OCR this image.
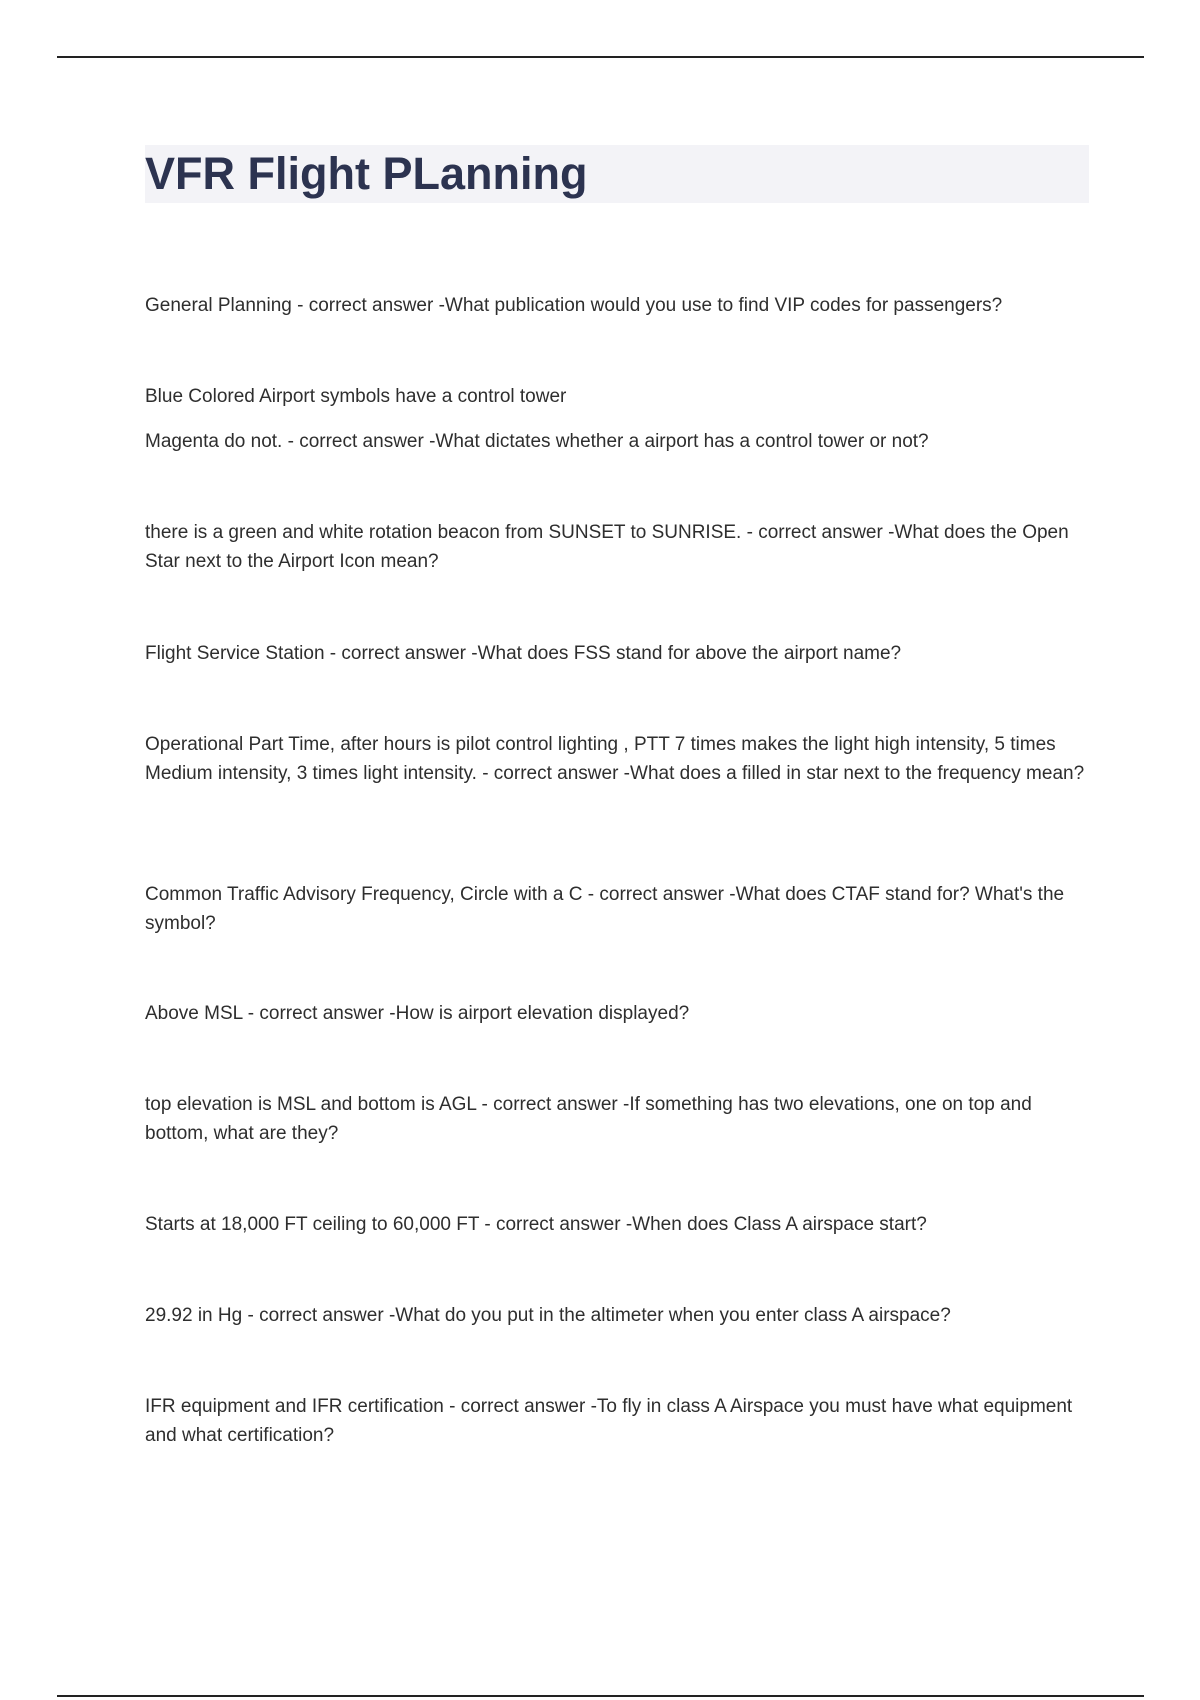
VFR Flight PLanning

General Planning - correct answer -What publication would you use to find VIP codes for passengers?

Blue Colored Airport symbols have a control tower

Magenta do not. - correct answer -What dictates whether a airport has a control tower or not?

there is a green and white rotation beacon from SUNSET to SUNRISE. - correct answer -What does the Open Star next to the Airport Icon mean?

Flight Service Station - correct answer -What does FSS stand for above the airport name?

Operational Part Time, after hours is pilot control lighting , PTT 7 times makes the light high intensity, 5 times Medium intensity, 3 times light intensity. - correct answer -What does a filled in star next to the frequency mean?

Common Traffic Advisory Frequency, Circle with a C - correct answer -What does CTAF stand for? What's the symbol?

Above MSL - correct answer -How is airport elevation displayed?

top elevation is MSL and bottom is AGL - correct answer -If something has two elevations, one on top and bottom, what are they?

Starts at 18,000 FT ceiling to 60,000 FT - correct answer -When does Class A airspace start?

29.92 in Hg - correct answer -What do you put in the altimeter when you enter class A airspace?

IFR equipment and IFR certification - correct answer -To fly in class A Airspace you must have what equipment and what certification?
